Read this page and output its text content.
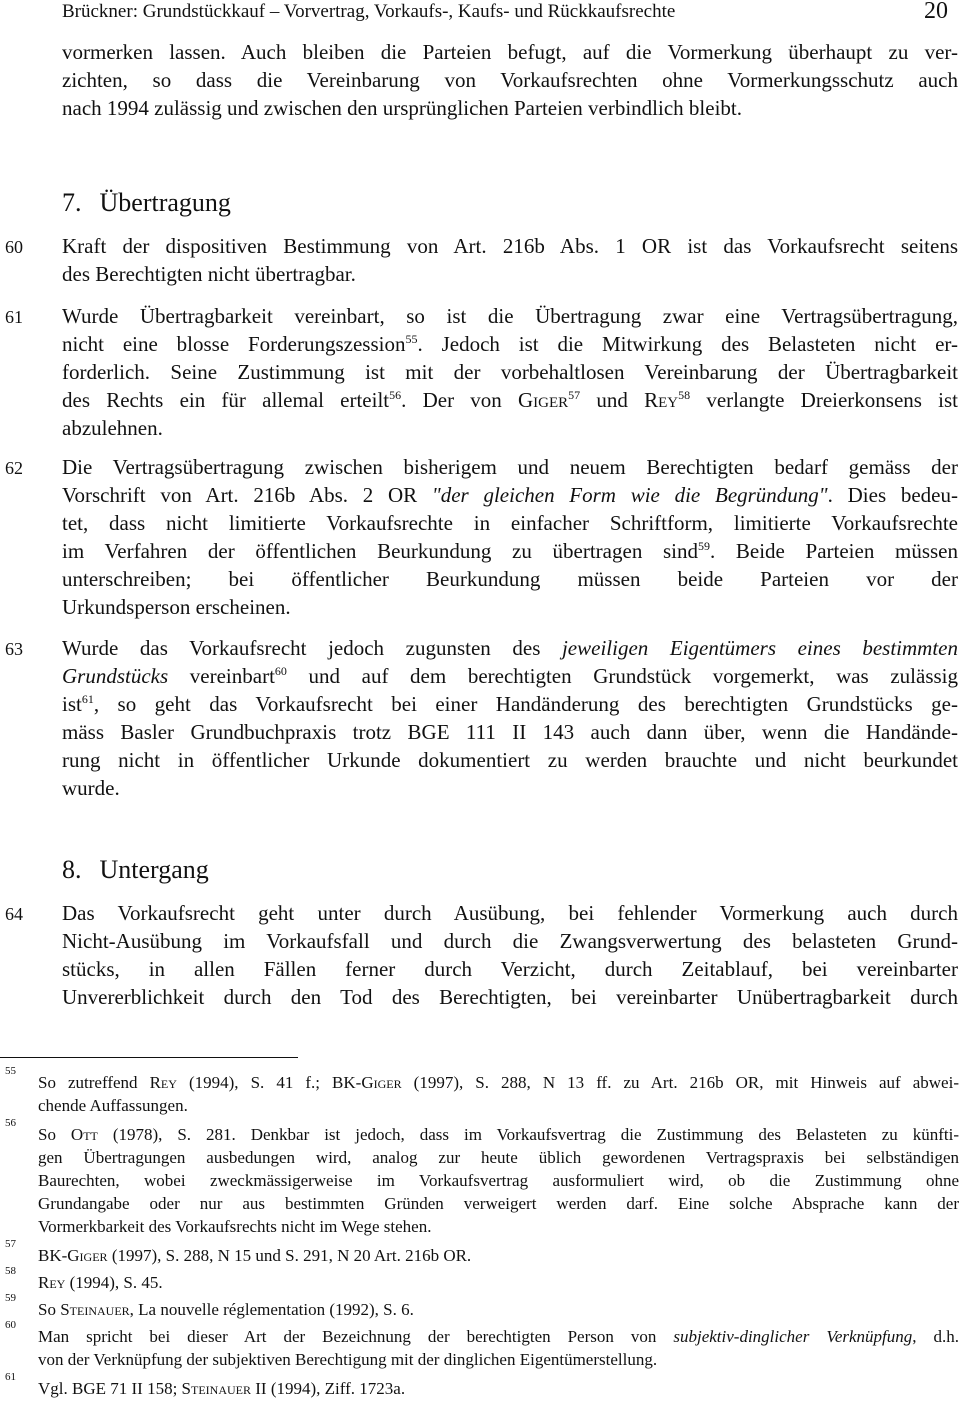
Brückner: Grundstückkauf – Vorvertrag, Vorkaufs-, Kaufs- und Rückkaufsrechte	20
vormerken lassen. Auch bleiben die Parteien befugt, auf die Vormerkung überhaupt zu ver-
zichten, so dass die Vereinbarung von Vorkaufsrechten ohne Vormerkungsschutz auch
nach 1994 zulässig und zwischen den ursprünglichen Parteien verbindlich bleibt.
Kraft der dispositiven Bestimmung von Art. 216b Abs. 1 OR ist das Vorkaufsrecht seitens
des Berechtigten nicht übertragbar.
60
Wurde Übertragbarkeit vereinbart, so ist die Übertragung zwar eine Vertragsübertragung,
nicht eine blosse Forderungszession$^{55}$. Jedoch ist die Mitwirkung des Belasteten nicht er-
forderlich. Seine Zustimmung ist mit der vorbehaltlosen Vereinbarung der Übertragbarkeit
des Rechts ein für allemal erteilt$^{56}$. Der von Giger$^{57}$ und Rey$^{58}$ verlangte Dreierkonsens ist
abzulehnen.
61
Die Vertragsübertragung zwischen bisherigem und neuem Berechtigten bedarf gemäss der
Vorschrift von Art. 216b Abs. 2 OR "der gleichen Form wie die Begründung". Dies bedeu-
tet, dass nicht limitierte Vorkaufsrechte in einfacher Schriftform, limitierte Vorkaufsrechte
im Verfahren der öffentlichen Beurkundung zu übertragen sind$^{59}$. Beide Parteien müssen
unterschreiben; bei öffentlicher Beurkundung müssen beide Parteien vor der
Urkundsperson erscheinen.
62
Wurde das Vorkaufsrecht jedoch zugunsten des jeweiligen Eigentümers eines bestimmten
Grundstücks vereinbart$^{60}$ und auf dem berechtigten Grundstück vorgemerkt, was zulässig
ist$^{61}$, so geht das Vorkaufsrecht bei einer Handänderung des berechtigten Grundstücks ge-
mäss Basler Grundbuchpraxis trotz BGE 111 II 143 auch dann über, wenn die Handände-
rung nicht in öffentlicher Urkunde dokumentiert zu werden brauchte und nicht beurkundet
wurde.
63
Das Vorkaufsrecht geht unter durch Ausübung, bei fehlender Vormerkung auch durch
Nicht-Ausübung im Vorkaufsfall und durch die Zwangsverwertung des belasteten Grund-
stücks, in allen Fällen ferner durch Verzicht, durch Zeitablauf, bei vereinbarter
Unvererblichkeit durch den Tod des Berechtigten, bei vereinbarter Unübertragbarkeit durch
64
7. Übertragung
8. Untergang
55
So zutreffend Rey (1994), S. 41 f.; BK-Giger (1997), S. 288, N 13 ff. zu Art. 216b OR, mit Hinweis auf abwei-
chende Auffassungen.
56
So Ott (1978), S. 281. Denkbar ist jedoch, dass im Vorkaufsvertrag die Zustimmung des Belasteten zu künfti-
gen Übertragungen ausbedungen wird, analog zur heute üblich gewordenen Vertragspraxis bei selbständigen
Baurechten, wobei zweckmässigerweise im Vorkaufsvertrag ausformuliert wird, ob die Zustimmung ohne
Grundangabe oder nur aus bestimmten Gründen verweigert werden darf. Eine solche Absprache kann der
Vormerkbarkeit des Vorkaufsrechts nicht im Wege stehen.
57
BK-Giger (1997), S. 288, N 15 und S. 291, N 20 Art. 216b OR.
58
Rey (1994), S. 45.
59
So Steinauer, La nouvelle réglementation (1992), S. 6.
60
Man spricht bei dieser Art der Bezeichnung der berechtigten Person von subjektiv-dinglicher Verknüpfung, d.h.
von der Verknüpfung der subjektiven Berechtigung mit der dinglichen Eigentümerstellung.
61
Vgl. BGE 71 II 158; Steinauer II (1994), Ziff. 1723a.
